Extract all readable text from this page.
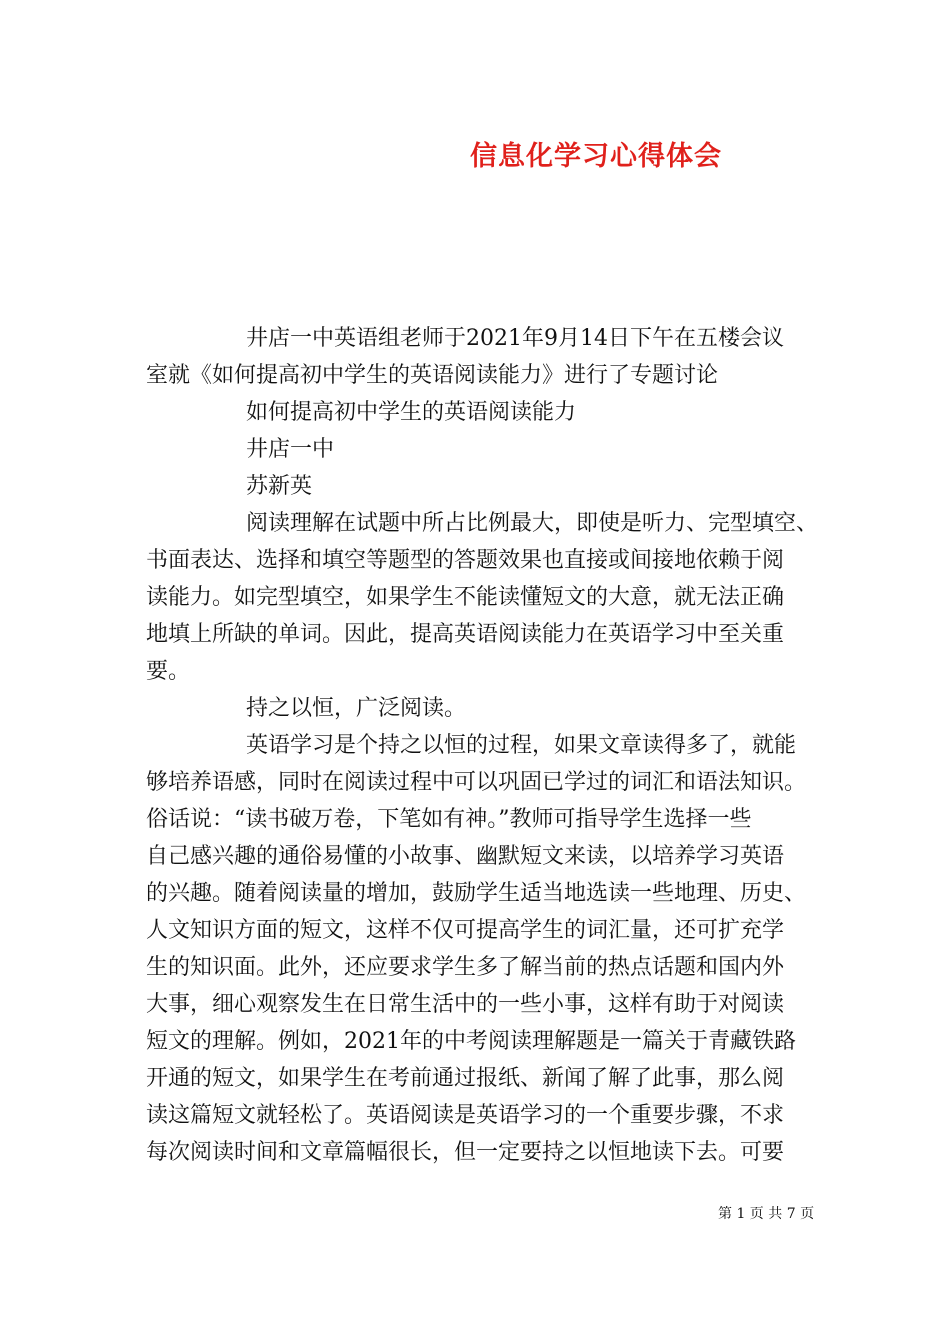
信息化学习心得体会
井店一中英语组老师于2021年9月14日下午在五楼会议
室就《如何提高初中学生的英语阅读能力》进行了专题讨论
如何提高初中学生的英语阅读能力
井店一中
苏新英
阅读理解在试题中所占比例最大，即使是听力、完型填空、
书面表达、选择和填空等题型的答题效果也直接或间接地依赖于阅
读能力。如完型填空，如果学生不能读懂短文的大意，就无法正确
地填上所缺的单词。因此，提高英语阅读能力在英语学习中至关重
要。
持之以恒，广泛阅读。
英语学习是个持之以恒的过程，如果文章读得多了，就能
够培养语感，同时在阅读过程中可以巩固已学过的词汇和语法知识。
俗话说：“读书破万卷，下笔如有神。”教师可指导学生选择一些
自己感兴趣的通俗易懂的小故事、幽默短文来读，以培养学习英语
的兴趣。随着阅读量的增加，鼓励学生适当地选读一些地理、历史、
人文知识方面的短文，这样不仅可提高学生的词汇量，还可扩充学
生的知识面。此外，还应要求学生多了解当前的热点话题和国内外
大事，细心观察发生在日常生活中的一些小事，这样有助于对阅读
短文的理解。例如，2021年的中考阅读理解题是一篇关于青藏铁路
开通的短文，如果学生在考前通过报纸、新闻了解了此事，那么阅
读这篇短文就轻松了。英语阅读是英语学习的一个重要步骤，不求
每次阅读时间和文章篇幅很长，但一定要持之以恒地读下去。可要
第 1 页 共 7 页
